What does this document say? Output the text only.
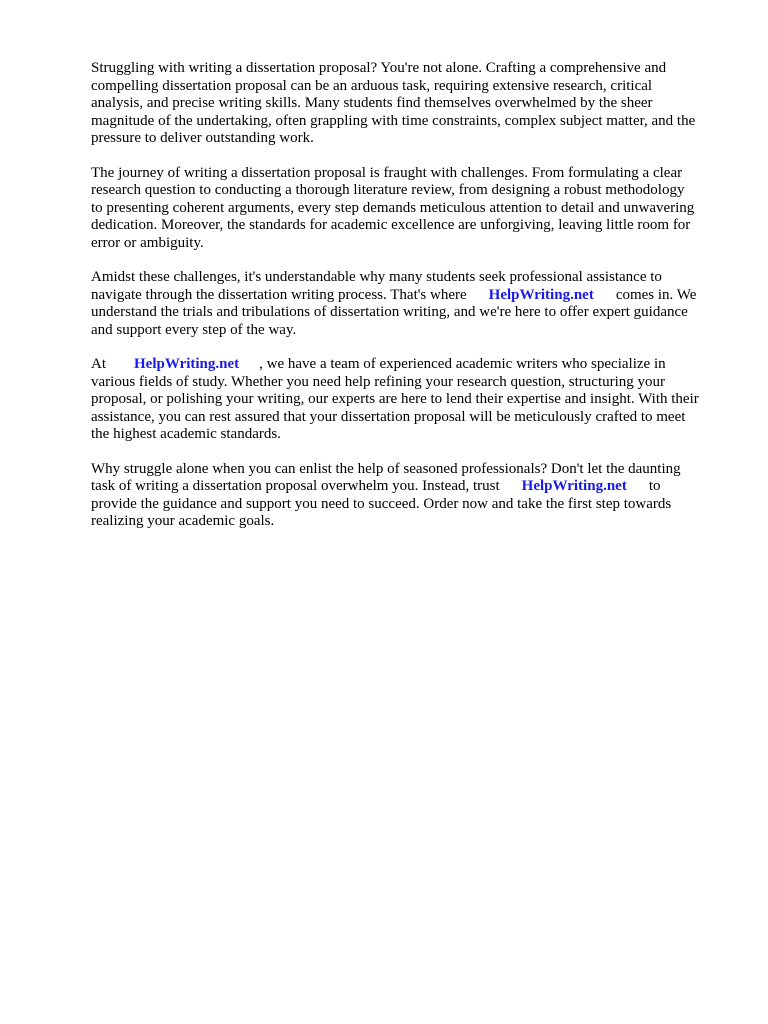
Struggling with writing a dissertation proposal? You're not alone. Crafting a comprehensive and
compelling dissertation proposal can be an arduous task, requiring extensive research, critical
analysis, and precise writing skills. Many students find themselves overwhelmed by the sheer
magnitude of the undertaking, often grappling with time constraints, complex subject matter, and the
pressure to deliver outstanding work.
The journey of writing a dissertation proposal is fraught with challenges. From formulating a clear
research question to conducting a thorough literature review, from designing a robust methodology
to presenting coherent arguments, every step demands meticulous attention to detail and unwavering
dedication. Moreover, the standards for academic excellence are unforgiving, leaving little room for
error or ambiguity.
Amidst these challenges, it's understandable why many students seek professional assistance to
navigate through the dissertation writing process. That's where HelpWriting.net comes in. We
understand the trials and tribulations of dissertation writing, and we're here to offer expert guidance
and support every step of the way.
At HelpWriting.net , we have a team of experienced academic writers who specialize in
various fields of study. Whether you need help refining your research question, structuring your
proposal, or polishing your writing, our experts are here to lend their expertise and insight. With their
assistance, you can rest assured that your dissertation proposal will be meticulously crafted to meet
the highest academic standards.
Why struggle alone when you can enlist the help of seasoned professionals? Don't let the daunting
task of writing a dissertation proposal overwhelm you. Instead, trust HelpWriting.net to
provide the guidance and support you need to succeed. Order now and take the first step towards
realizing your academic goals.
